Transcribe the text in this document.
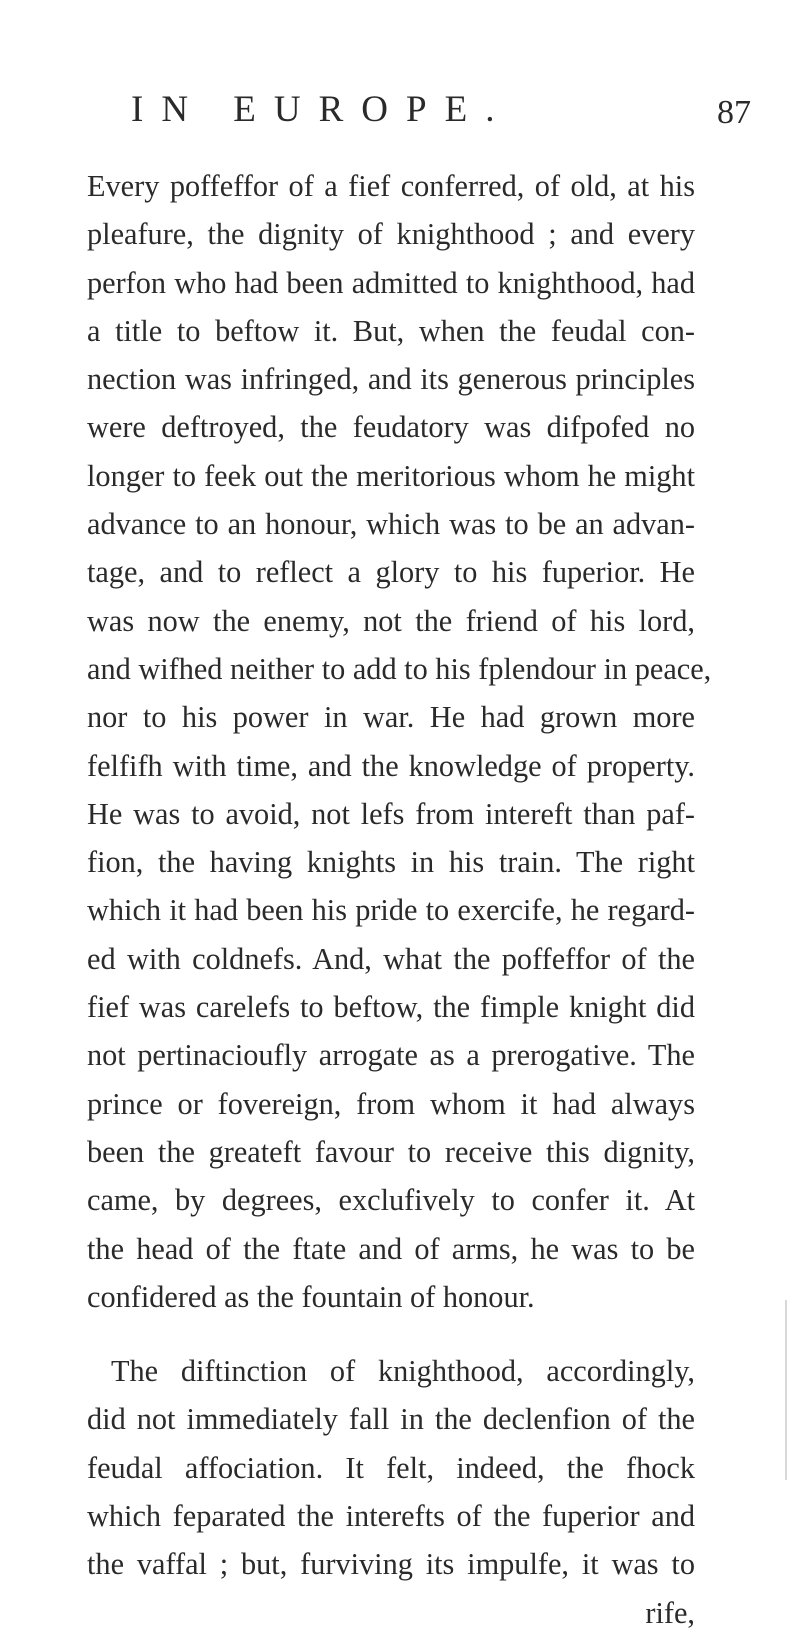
IN EUROPE.	87
Every poffeffor of a fief conferred, of old, at his
pleafure, the dignity of knighthood ; and every
perfon who had been admitted to knighthood, had
a title to beftow it. But, when the feudal con-
nection was infringed, and its generous principles
were deftroyed, the feudatory was difpofed no
longer to feek out the meritorious whom he might
advance to an honour, which was to be an advan-
tage, and to reflect a glory to his fuperior. He
was now the enemy, not the friend of his lord,
and wifhed neither to add to his fplendour in peace,
nor to his power in war. He had grown more
felfifh with time, and the knowledge of property.
He was to avoid, not lefs from intereft than paf-
fion, the having knights in his train. The right
which it had been his pride to exercife, he regard-
ed with coldnefs. And, what the poffeffor of the
fief was carelefs to beftow, the fimple knight did
not pertinacioufly arrogate as a prerogative. The
prince or fovereign, from whom it had always
been the greateft favour to receive this dignity,
came, by degrees, exclufively to confer it. At
the head of the ftate and of arms, he was to be
confidered as the fountain of honour.
The diftinction of knighthood, accordingly,
did not immediately fall in the declenfion of the
feudal affociation. It felt, indeed, the fhock
which feparated the interefts of the fuperior and
the vaffal ; but, furviving its impulfe, it was to
rife,
